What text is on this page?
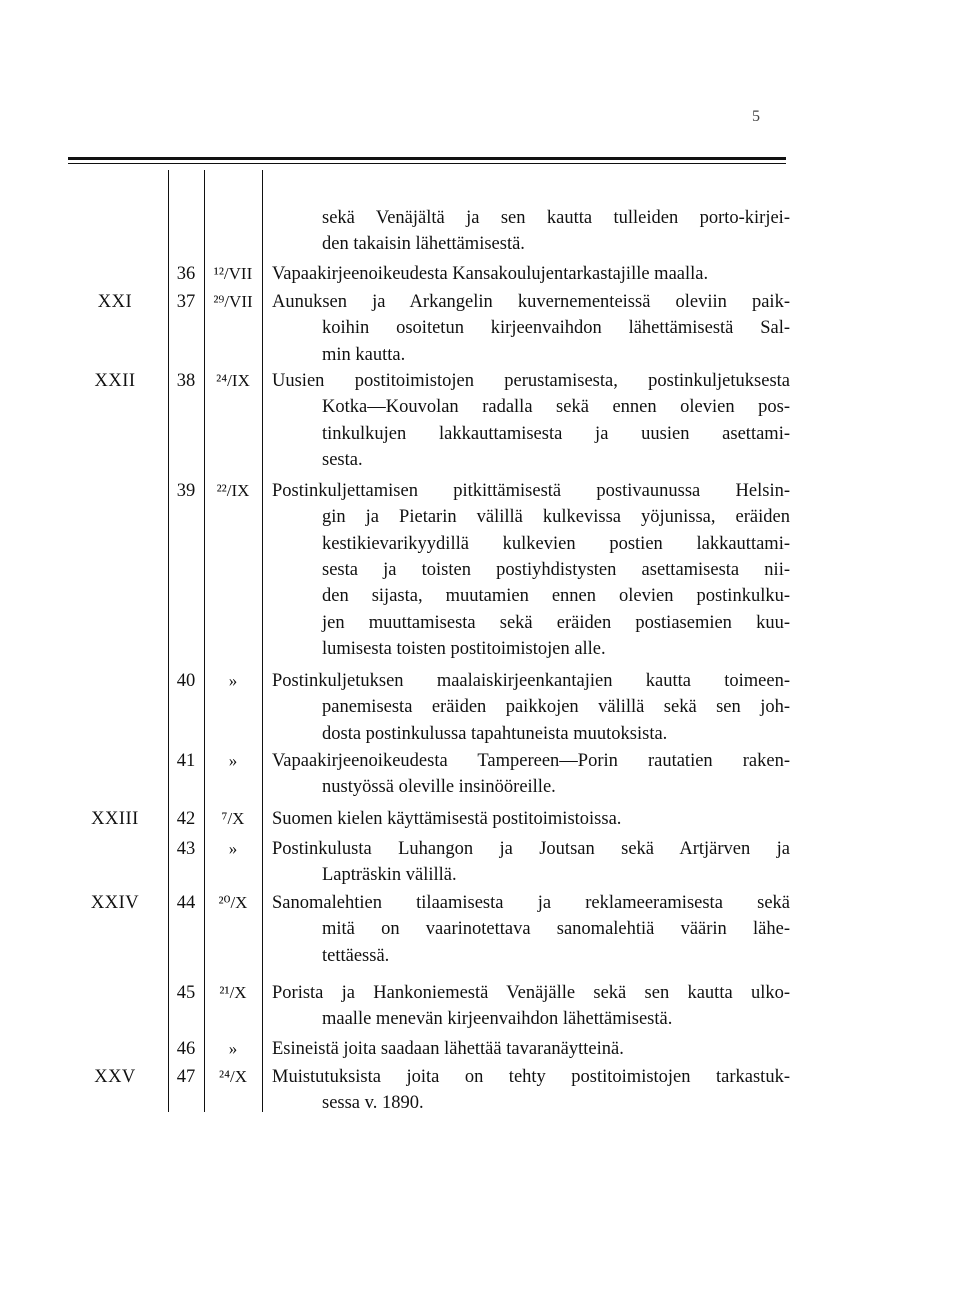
5
sekä Venäjältä ja sen kautta tulleiden porto-kirjei-
den takaisin lähettämisestä.
36	¹²/VII	Vapaakirjeenoikeudesta Kansakoulujentarkastajille maalla.
XXI	37	²⁹/VII	Aunuksen ja Arkangelin kuvernementeissä oleviin paik-
koihin osoitetun kirjeenvaihdon lähettämisestä Sal-
min kautta.
XXII	38	²⁴/IX	Uusien postitoimistojen perustamisesta, postinkuljetuksesta
Kotka—Kouvolan radalla sekä ennen olevien pos-
tinkulkujen lakkauttamisesta ja uusien asettami-
sesta.
39	²²/IX	Postinkuljettamisen pitkittämisestä postivaunussa Helsin-
gin ja Pietarin välillä kulkevissa yöjunissa, eräiden
kestikievarikyydillä kulkevien postien lakkauttami-
sesta ja toisten postiyhdistysten asettamisesta nii-
den sijasta, muutamien ennen olevien postinkulku-
jen muuttamisesta sekä eräiden postiasemien kuu-
lumisesta toisten postitoimistojen alle.
40	»	Postinkuljetuksen maalaiskirjeenkantajien kautta toimeen-
panemisesta eräiden paikkojen välillä sekä sen joh-
dosta postinkulussa tapahtuneista muutoksista.
41	»	Vapaakirjeenoikeudesta Tampereen—Porin rautatien raken-
nustyössä oleville insinööreille.
XXIII	42	⁷/X	Suomen kielen käyttämisestä postitoimistoissa.
43	»	Postinkulusta Luhangon ja Joutsan sekä Artjärven ja
Lapträskin välillä.
XXIV	44	²⁰/X	Sanomalehtien tilaamisesta ja reklameeramisesta sekä
mitä on vaarinotettava sanomalehtiä väärin lähe-
tettäessä.
45	²¹/X	Porista ja Hankoniemestä Venäjälle sekä sen kautta ulko-
maalle menevän kirjeenvaihdon lähettämisestä.
46	»	Esineistä joita saadaan lähettää tavaranäytteinä.
XXV	47	²⁴/X	Muistutuksista joita on tehty postitoimistojen tarkastuk-
sessa v. 1890.
